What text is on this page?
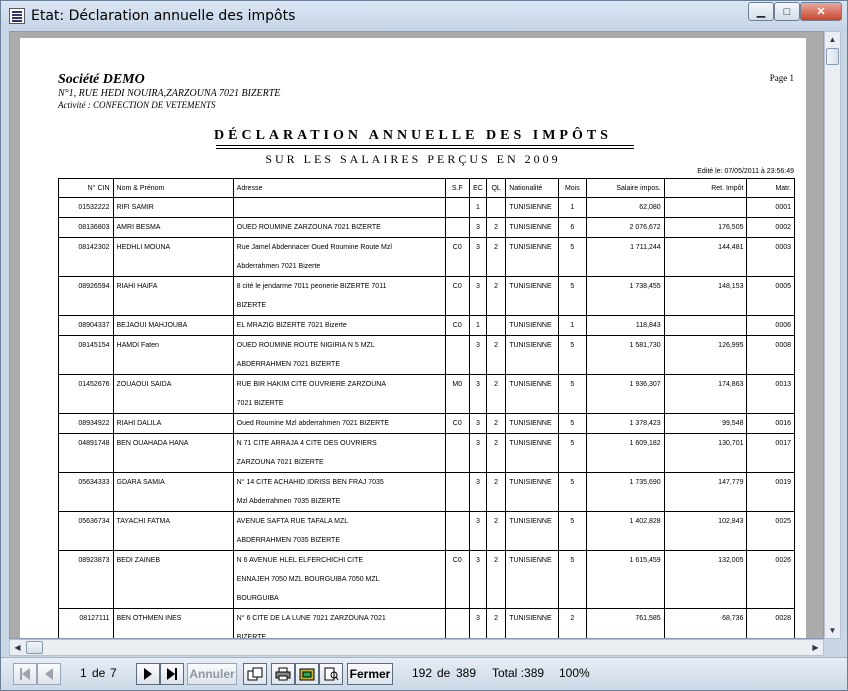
Etat: Déclaration annuelle des impôts	▁	□	✕
Société DEMO
N°1, RUE HEDI NOUIRA,ZARZOUNA 7021 BIZERTE
Activité : CONFECTION DE VETEMENTS
Page 1
DÉCLARATION ANNUELLE DES IMPÔTS
SUR LES SALAIRES PERÇUS EN 2009
Edité le: 07/05/2011 à 23:56:49
N° CIN	Nom & Prénom	Adresse	S.F	EC	QL	Nationalité	Mois	Salaire impos.	Ret. Impôt	Matr.
01532222	RIFI SAMIR			1		TUNISIENNE	1	62,080		0001
08136803	AMRI BESMA	OUED ROUMINE ZARZOUNA 7021 BIZERTE		3	2	TUNISIENNE	6	2 076,672	176,505	0002
08142302	HEDHLI MOUNA	Rue Jamel Abdennacer Oued Roumine Route Mzl
Abderrahmen 7021 Bizerte	C0	3	2	TUNISIENNE	5	1 711,244	144,481	0003
08926594	RIAHI HAIFA	8 cité le jendarme 7011 peonerie BIZERTE 7011
BIZERTE	C0	3	2	TUNISIENNE	5	1 738,455	148,153	0005
08904337	BEJAOUI MAHJOUBA	EL MRAZIG BIZERTE 7021 Bizerte	C0	1		TUNISIENNE	1	118,843		0006
08145154	HAMDI Faten	OUED ROUMINE ROUTE NIGIRIA N 5 MZL
ABDERRAHMEN 7021 BIZERTE		3	2	TUNISIENNE	5	1 581,730	126,995	0008
01452676	ZOUAOUI SAIDA	RUE BIR HAKIM CITE OUVRIERE ZARZOUNA
7021 BIZERTE	M0	3	2	TUNISIENNE	5	1 936,307	174,863	0013
08934922	RIAHI DALILA	Oued Roumine Mzl abderrahmen 7021 BIZERTE	C0	3	2	TUNISIENNE	5	1 378,423	99,548	0016
04891748	BEN OUAHADA HANA	N 71 CITE ARRAJA 4 CITE DES OUVRIERS
ZARZOUNA 7021 BIZERTE		3	2	TUNISIENNE	5	1 609,182	130,701	0017
05634333	GDARA SAMIA	N° 14 CITE ACHAHID IDRISS BEN FRAJ 7035
Mzl Abderrahmen 7035 BIZERTE		3	2	TUNISIENNE	5	1 735,690	147,779	0019
05636734	TAYACHI FATMA	AVENUE SAFTA RUE TAFALA MZL
ABDERRAHMEN 7035 BIZERTE		3	2	TUNISIENNE	5	1 402,828	102,843	0025
08923873	BEDI ZAINEB	N 6 AVENUE HLEL ELFERCHICHI CITE
ENNAJEH 7050 MZL BOURGUIBA 7050 MZL
BOURGUIBA	C0	3	2	TUNISIENNE	5	1 615,459	132,005	0026
08127111	BEN OTHMEN INES	N° 6 CITE DE LA LUNE 7021 ZARZOUNA 7021
BIZERTE		3	2	TUNISIENNE	2	761,585	68,736	0028
▲
▼
◀	▶
1 de 7	Annuler	Fermer 192 de 389 Total :389 100%
